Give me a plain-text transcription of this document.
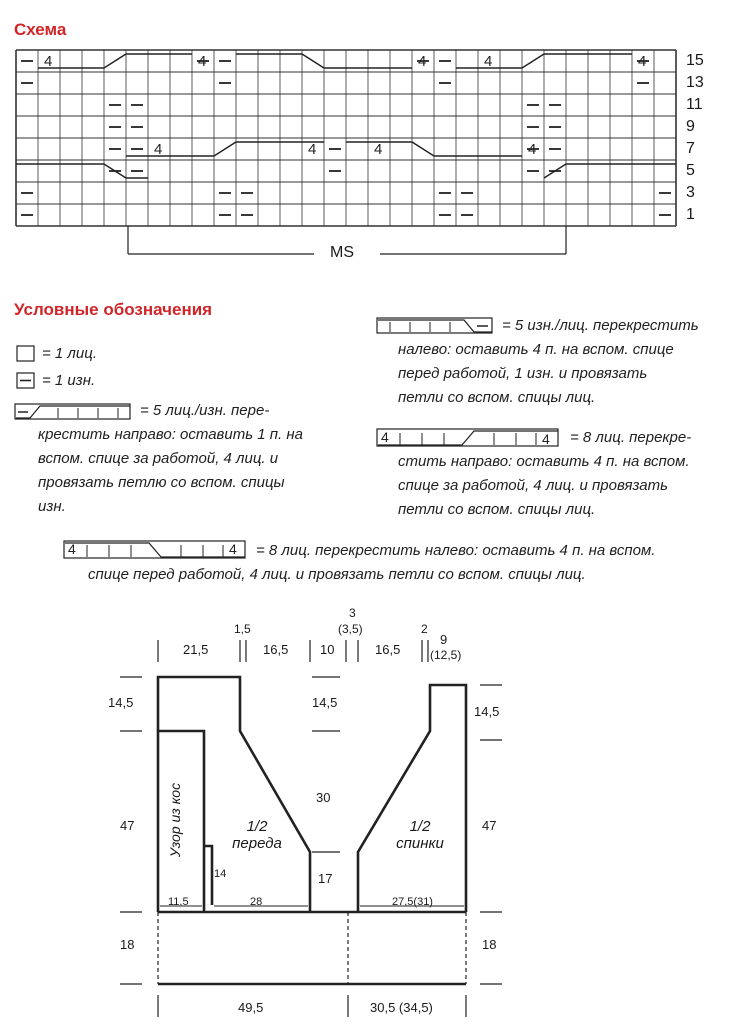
Схема
4	4	4	4	4
4	4	4	4
MS
15
13
11
9
7
5
3
1
Условные обозначения
= 1 лиц.
= 1 изн.
= 5 лиц./изн. пере-
крестить направо: оставить 1 п. на
вспом. спице за работой, 4 лиц. и
провязать петлю со вспом. спицы
изн.
= 5 изн./лиц. перекрестить
налево: оставить 4 п. на вспом. спице
перед работой, 1 изн. и провязать
петли со вспом. спицы лиц.
4	4 = 8 лиц. перекре-
стить направо: оставить 4 п. на вспом.
спице за работой, 4 лиц. и провязать
петли со вспом. спицы лиц.
4	4 = 8 лиц. перекрестить налево: оставить 4 п. на вспом.
спице перед работой, 4 лиц. и провязать петли со вспом. спицы лиц.
21,5
1,5
16,5 10
3
(3,5)
16,5
2
9
(12,5)
14,5
47
18
14,5
47
18
14,5
30
17
Узор из кос	1/2
переда
1/2
спинки
11,5	28	27,5(31)
14
49,5	30,5 (34,5)
